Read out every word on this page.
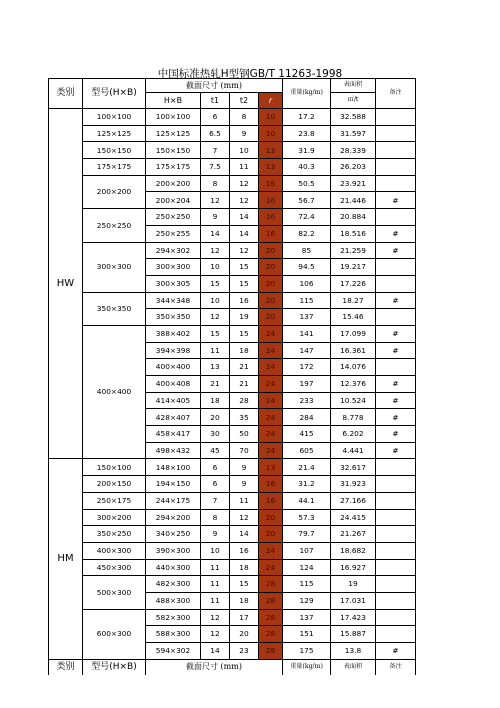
中国标准热轧H型钢GB/T 11263-1998
类别	型号(H×B)	截面尺寸 (mm)				重量(kg/m)	表面积	备注
		H×B	t1	t2	r		㎡/t	
HW	100×100	100×100	6	8	10	17.2	32.588	
	125×125	125×125	6.5	9	10	23.8	31.597	
	150×150	150×150	7	10	13	31.9	28.339	
	175×175	175×175	7.5	11	13	40.3	26.203	
	200×200	200×200	8	12	16	50.5	23.921	
		200×204	12	12	16	56.7	21.446	#
	250×250	250×250	9	14	16	72.4	20.884	
		250×255	14	14	16	82.2	18.516	#
	300×300	294×302	12	12	20	85	21.259	#
		300×300	10	15	20	94.5	19.217	
		300×305	15	15	20	106	17.226	
	350×350	344×348	10	16	20	115	18.27	#
		350×350	12	19	20	137	15.46	
	400×400	388×402	15	15	24	141	17.099	#
		394×398	11	18	24	147	16.361	#
		400×400	13	21	24	172	14.076	
		400×408	21	21	24	197	12.376	#
		414×405	18	28	24	233	10.524	#
		428×407	20	35	24	284	8.778	#
		458×417	30	50	24	415	6.202	#
		498×432	45	70	24	605	4.441	#
HM	150×100	148×100	6	9	13	21.4	32.617	
	200×150	194×150	6	9	16	31.2	31.923	
	250×175	244×175	7	11	16	44.1	27.166	
	300×200	294×200	8	12	20	57.3	24.415	
	350×250	340×250	9	14	20	79.7	21.267	
	400×300	390×300	10	16	24	107	18.682	
	450×300	440×300	11	18	24	124	16.927	
	500×300	482×300	11	15	28	115	19	
		488×300	11	18	28	129	17.031	
	600×300	582×300	12	17	28	137	17.423	
		588×300	12	20	28	151	15.887	
		594×302	14	23	28	175	13.8	#
类别	型号(H×B)	截面尺寸 (mm)				重量(kg/m)	表面积	备注
